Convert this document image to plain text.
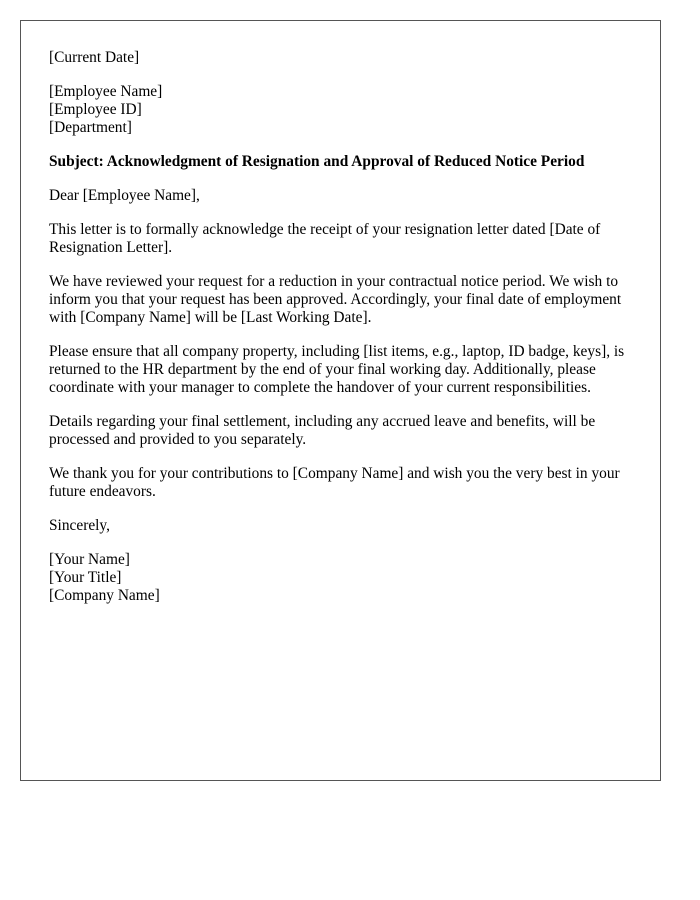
[Current Date]
[Employee Name]
[Employee ID]
[Department]
Subject: Acknowledgment of Resignation and Approval of Reduced Notice Period
Dear [Employee Name],

This letter is to formally acknowledge the receipt of your resignation letter dated [Date of Resignation Letter].

We have reviewed your request for a reduction in your contractual notice period. We wish to inform you that your request has been approved. Accordingly, your final date of employment with [Company Name] will be [Last Working Date].

Please ensure that all company property, including [list items, e.g., laptop, ID badge, keys], is returned to the HR department by the end of your final working day. Additionally, please coordinate with your manager to complete the handover of your current responsibilities.

Details regarding your final settlement, including any accrued leave and benefits, will be processed and provided to you separately.

We thank you for your contributions to [Company Name] and wish you the very best in your future endeavors.

Sincerely,
[Your Name]
[Your Title]
[Company Name]
